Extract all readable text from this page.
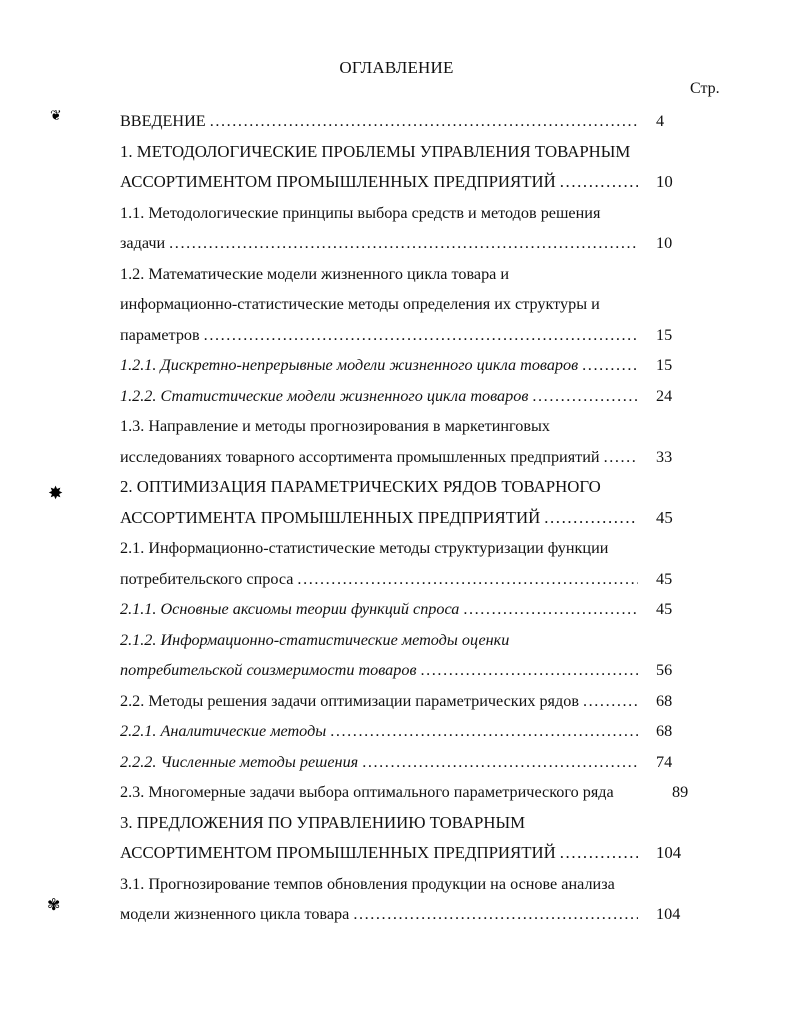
ОГЛАВЛЕНИЕ
Стр.
❦
✸
✾
ВВЕДЕНИЕ .....	4
1. МЕТОДОЛОГИЧЕСКИЕ ПРОБЛЕМЫ УПРАВЛЕНИЯ ТОВАРНЫМ
АССОРТИМЕНТОМ ПРОМЫШЛЕННЫХ ПРЕДПРИЯТИЙ .....	10
1.1. Методологические принципы выбора средств и методов решения
задачи .....	10
1.2. Математические модели жизненного цикла товара и
информационно-статистические методы определения их структуры и
параметров .....	15
1.2.1. Дискретно-непрерывные модели жизненного цикла товаров .....	15
1.2.2. Статистические модели жизненного цикла товаров .....	24
1.3. Направление и методы прогнозирования в маркетинговых
исследованиях товарного ассортимента промышленных предприятий .....	33
2. ОПТИМИЗАЦИЯ ПАРАМЕТРИЧЕСКИХ РЯДОВ ТОВАРНОГО
АССОРТИМЕНТА ПРОМЫШЛЕННЫХ ПРЕДПРИЯТИЙ .....	45
2.1. Информационно-статистические методы структуризации функции
потребительского спроса .....	45
2.1.1. Основные аксиомы теории функций спроса .....	45
2.1.2. Информационно-статистические методы оценки
потребительской соизмеримости товаров .....	56
2.2. Методы решения задачи оптимизации параметрических рядов .....	68
2.2.1. Аналитические методы .....	68
2.2.2. Численные методы решения .....	74
2.3. Многомерные задачи выбора оптимального параметрического ряда	89
3. ПРЕДЛОЖЕНИЯ ПО УПРАВЛЕНИИЮ ТОВАРНЫМ
АССОРТИМЕНТОМ ПРОМЫШЛЕННЫХ ПРЕДПРИЯТИЙ .....	104
3.1. Прогнозирование темпов обновления продукции на основе анализа
модели жизненного цикла товара .....	104
